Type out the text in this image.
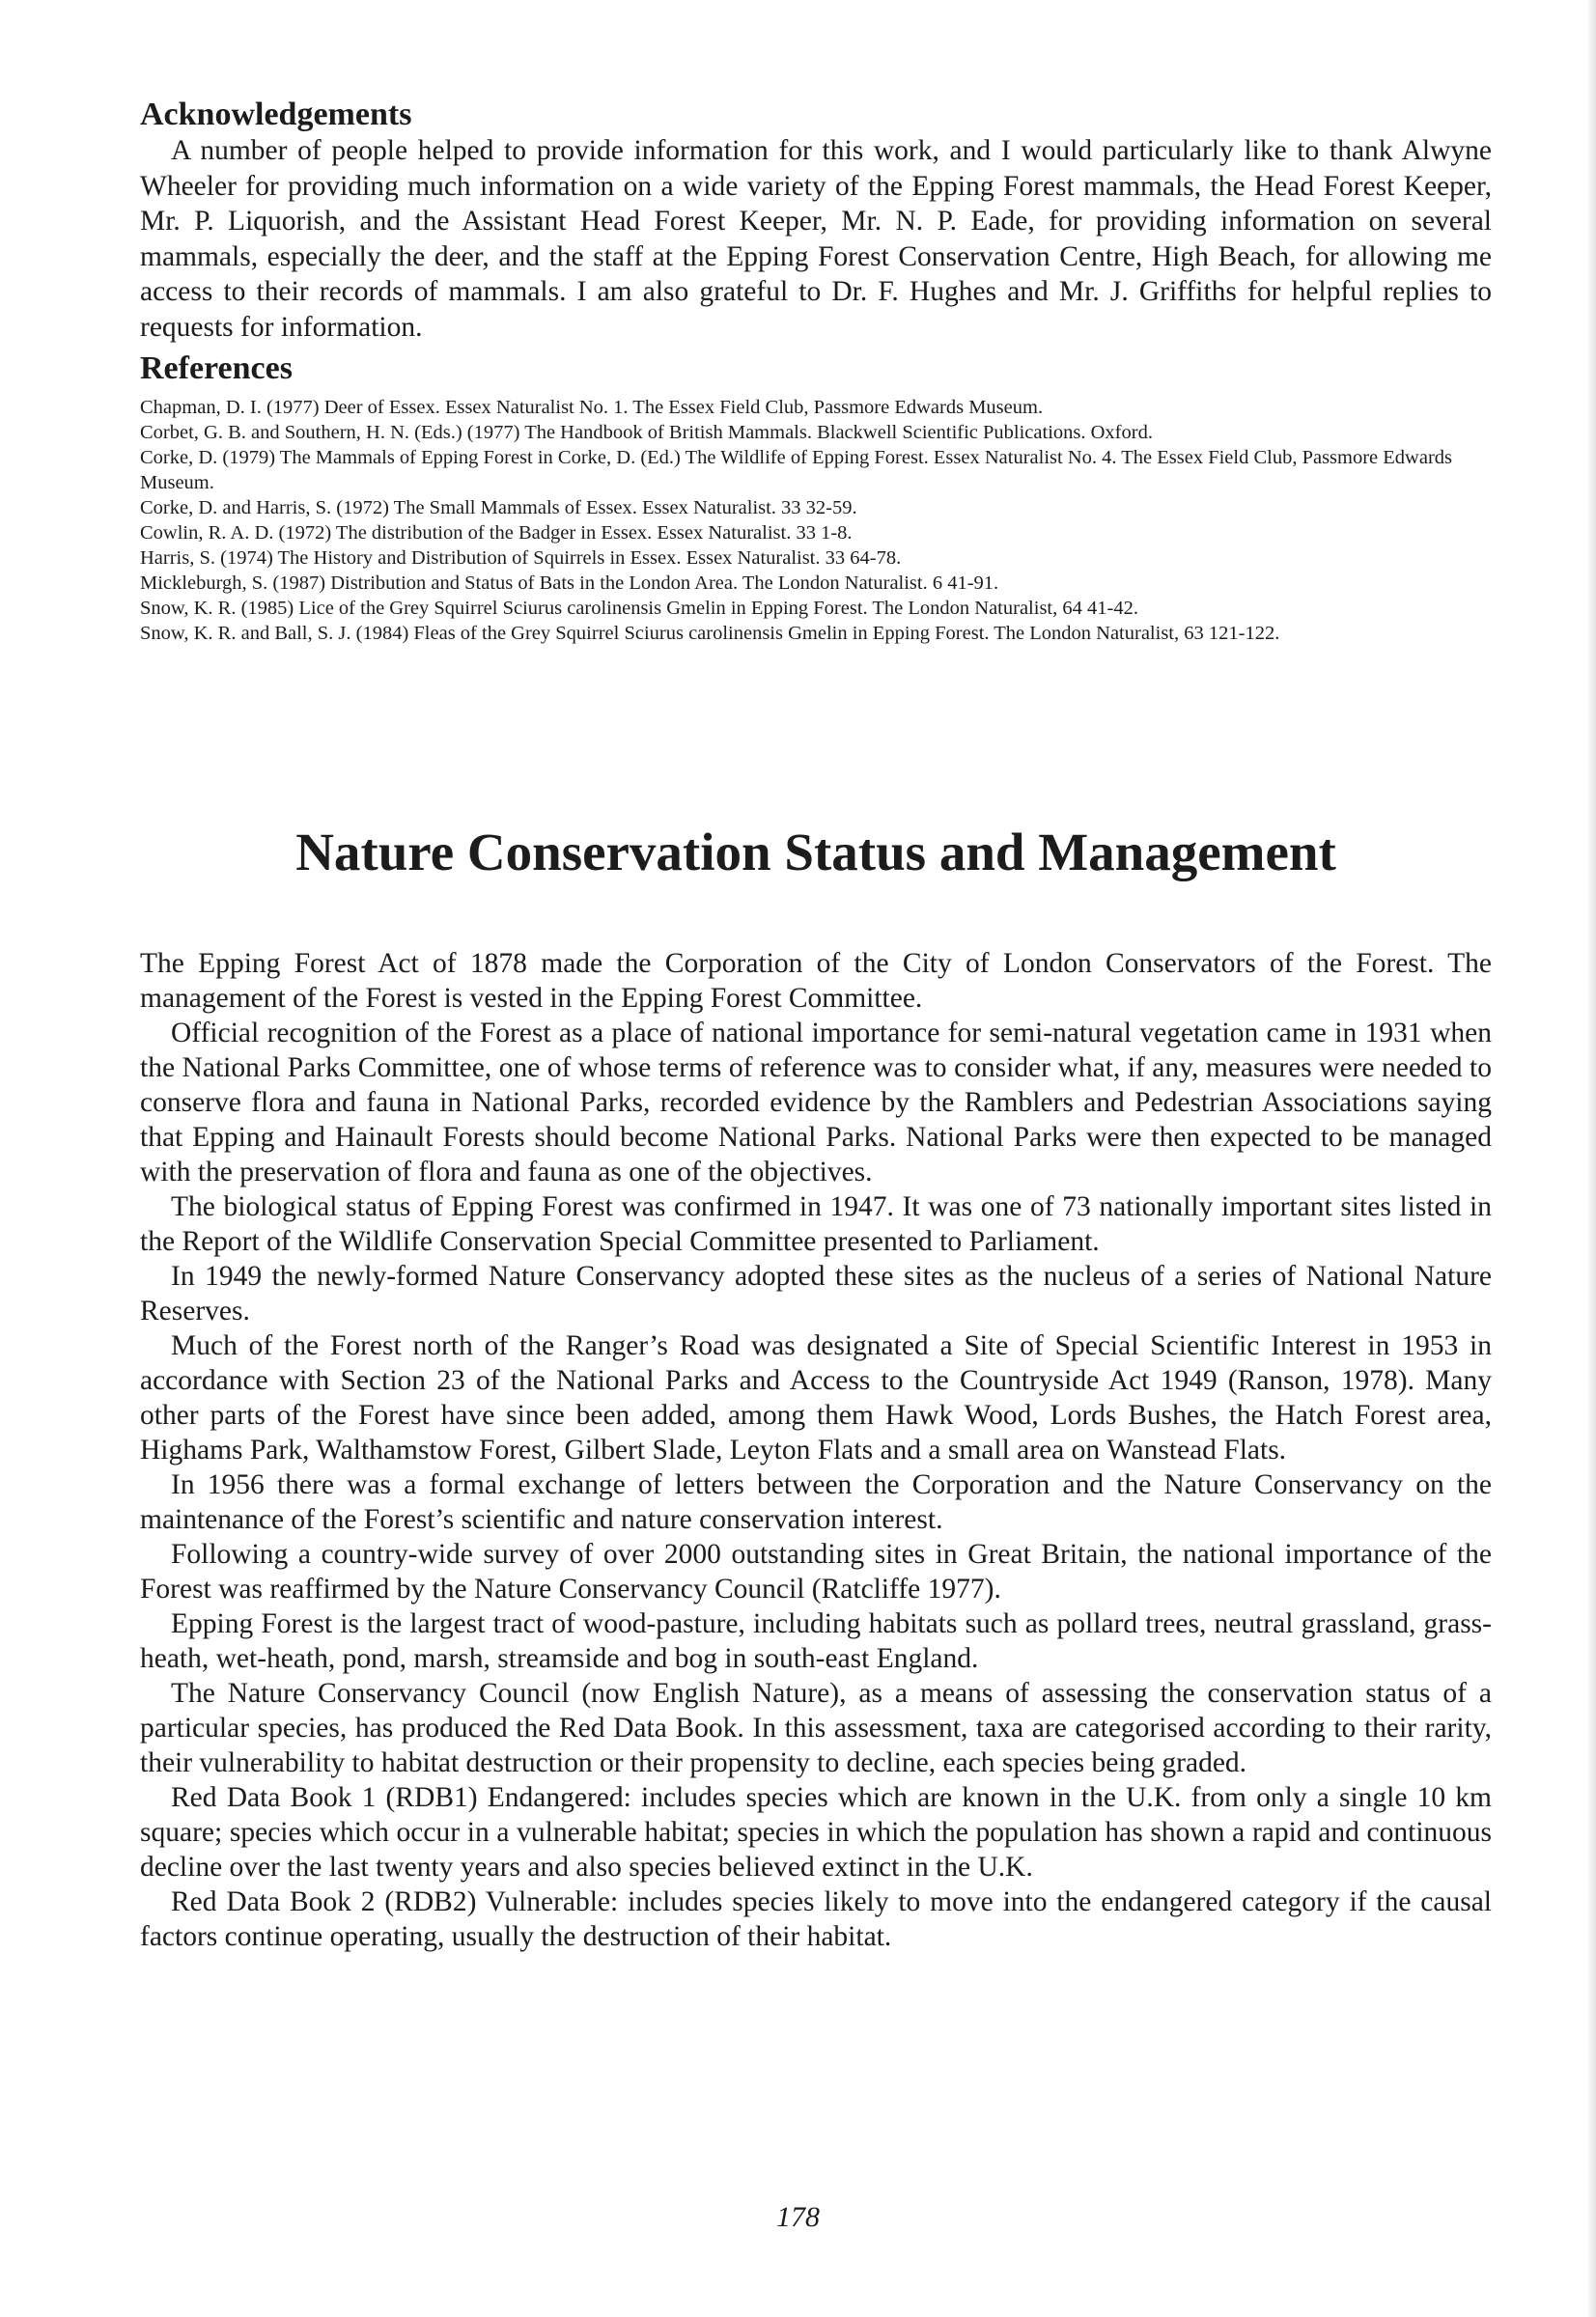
Acknowledgements

A number of people helped to provide information for this work, and I would particularly like to thank Alwyne Wheeler for providing much information on a wide variety of the Epping Forest mammals, the Head Forest Keeper, Mr. P. Liquorish, and the Assistant Head Forest Keeper, Mr. N. P. Eade, for providing information on several mammals, especially the deer, and the staff at the Epping Forest Conservation Centre, High Beach, for allowing me access to their records of mammals. I am also grateful to Dr. F. Hughes and Mr. J. Griffiths for helpful replies to requests for information.

References

Chapman, D. I. (1977) Deer of Essex. Essex Naturalist No. 1. The Essex Field Club, Passmore Edwards Museum.

Corbet, G. B. and Southern, H. N. (Eds.) (1977) The Handbook of British Mammals. Blackwell Scientific Publications. Oxford.

Corke, D. (1979) The Mammals of Epping Forest in Corke, D. (Ed.) The Wildlife of Epping Forest. Essex Naturalist No. 4. The Essex Field Club, Passmore Edwards Museum.

Corke, D. and Harris, S. (1972) The Small Mammals of Essex. Essex Naturalist. 33 32-59.

Cowlin, R. A. D. (1972) The distribution of the Badger in Essex. Essex Naturalist. 33 1-8.

Harris, S. (1974) The History and Distribution of Squirrels in Essex. Essex Naturalist. 33 64-78.

Mickleburgh, S. (1987) Distribution and Status of Bats in the London Area. The London Naturalist. 6 41-91.

Snow, K. R. (1985) Lice of the Grey Squirrel Sciurus carolinensis Gmelin in Epping Forest. The London Naturalist, 64 41-42.

Snow, K. R. and Ball, S. J. (1984) Fleas of the Grey Squirrel Sciurus carolinensis Gmelin in Epping Forest. The London Naturalist, 63 121-122.

Nature Conservation Status and Management

The Epping Forest Act of 1878 made the Corporation of the City of London Conservators of the Forest. The management of the Forest is vested in the Epping Forest Committee.

Official recognition of the Forest as a place of national importance for semi-natural vegetation came in 1931 when the National Parks Committee, one of whose terms of reference was to consider what, if any, measures were needed to conserve flora and fauna in National Parks, recorded evidence by the Ramblers and Pedestrian Associations saying that Epping and Hainault Forests should become National Parks. National Parks were then expected to be managed with the preservation of flora and fauna as one of the objectives.

The biological status of Epping Forest was confirmed in 1947. It was one of 73 nationally important sites listed in the Report of the Wildlife Conservation Special Committee presented to Parliament.

In 1949 the newly-formed Nature Conservancy adopted these sites as the nucleus of a series of National Nature Reserves.

Much of the Forest north of the Ranger’s Road was designated a Site of Special Scientific Interest in 1953 in accordance with Section 23 of the National Parks and Access to the Countryside Act 1949 (Ranson, 1978). Many other parts of the Forest have since been added, among them Hawk Wood, Lords Bushes, the Hatch Forest area, Highams Park, Walthamstow Forest, Gilbert Slade, Leyton Flats and a small area on Wanstead Flats.

In 1956 there was a formal exchange of letters between the Corporation and the Nature Conservancy on the maintenance of the Forest’s scientific and nature conservation interest.

Following a country-wide survey of over 2000 outstanding sites in Great Britain, the national importance of the Forest was reaffirmed by the Nature Conservancy Council (Ratcliffe 1977).

Epping Forest is the largest tract of wood-pasture, including habitats such as pollard trees, neutral grassland, grass-heath, wet-heath, pond, marsh, streamside and bog in south-east England.

The Nature Conservancy Council (now English Nature), as a means of assessing the conservation status of a particular species, has produced the Red Data Book. In this assessment, taxa are categorised according to their rarity, their vulnerability to habitat destruction or their propensity to decline, each species being graded.

Red Data Book 1 (RDB1) Endangered: includes species which are known in the U.K. from only a single 10 km square; species which occur in a vulnerable habitat; species in which the population has shown a rapid and continuous decline over the last twenty years and also species believed extinct in the U.K.

Red Data Book 2 (RDB2) Vulnerable: includes species likely to move into the endangered category if the causal factors continue operating, usually the destruction of their habitat.

178
